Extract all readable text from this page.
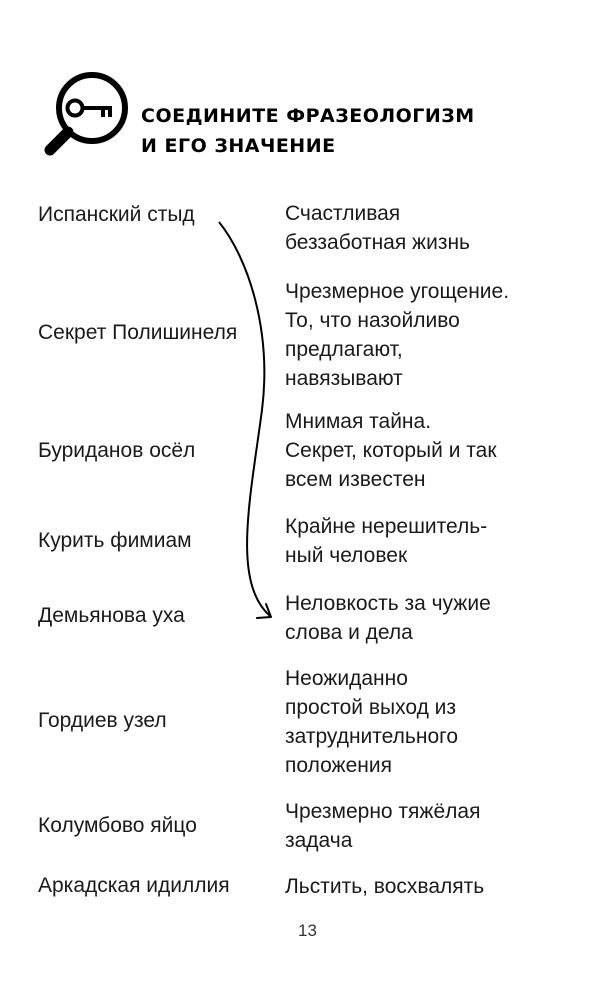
СОЕДИНИТЕ ФРАЗЕОЛОГИЗМ
И ЕГО ЗНАЧЕНИЕ

Испанский стыд

Секрет Полишинеля

Буриданов осёл

Курить фимиам

Демьянова уха

Гордиев узел

Колумбово яйцо

Аркадская идиллия

Счастливая
беззаботная жизнь

Чрезмерное угощение.
То, что назойливо
предлагают,
навязывают

Мнимая тайна.
Секрет, который и так
всем известен

Крайне нерешитель-
ный человек

Неловкость за чужие
слова и дела

Неожиданно
простой выход из
затруднительного
положения

Чрезмерно тяжёлая
задача

Льстить, восхвалять

13
